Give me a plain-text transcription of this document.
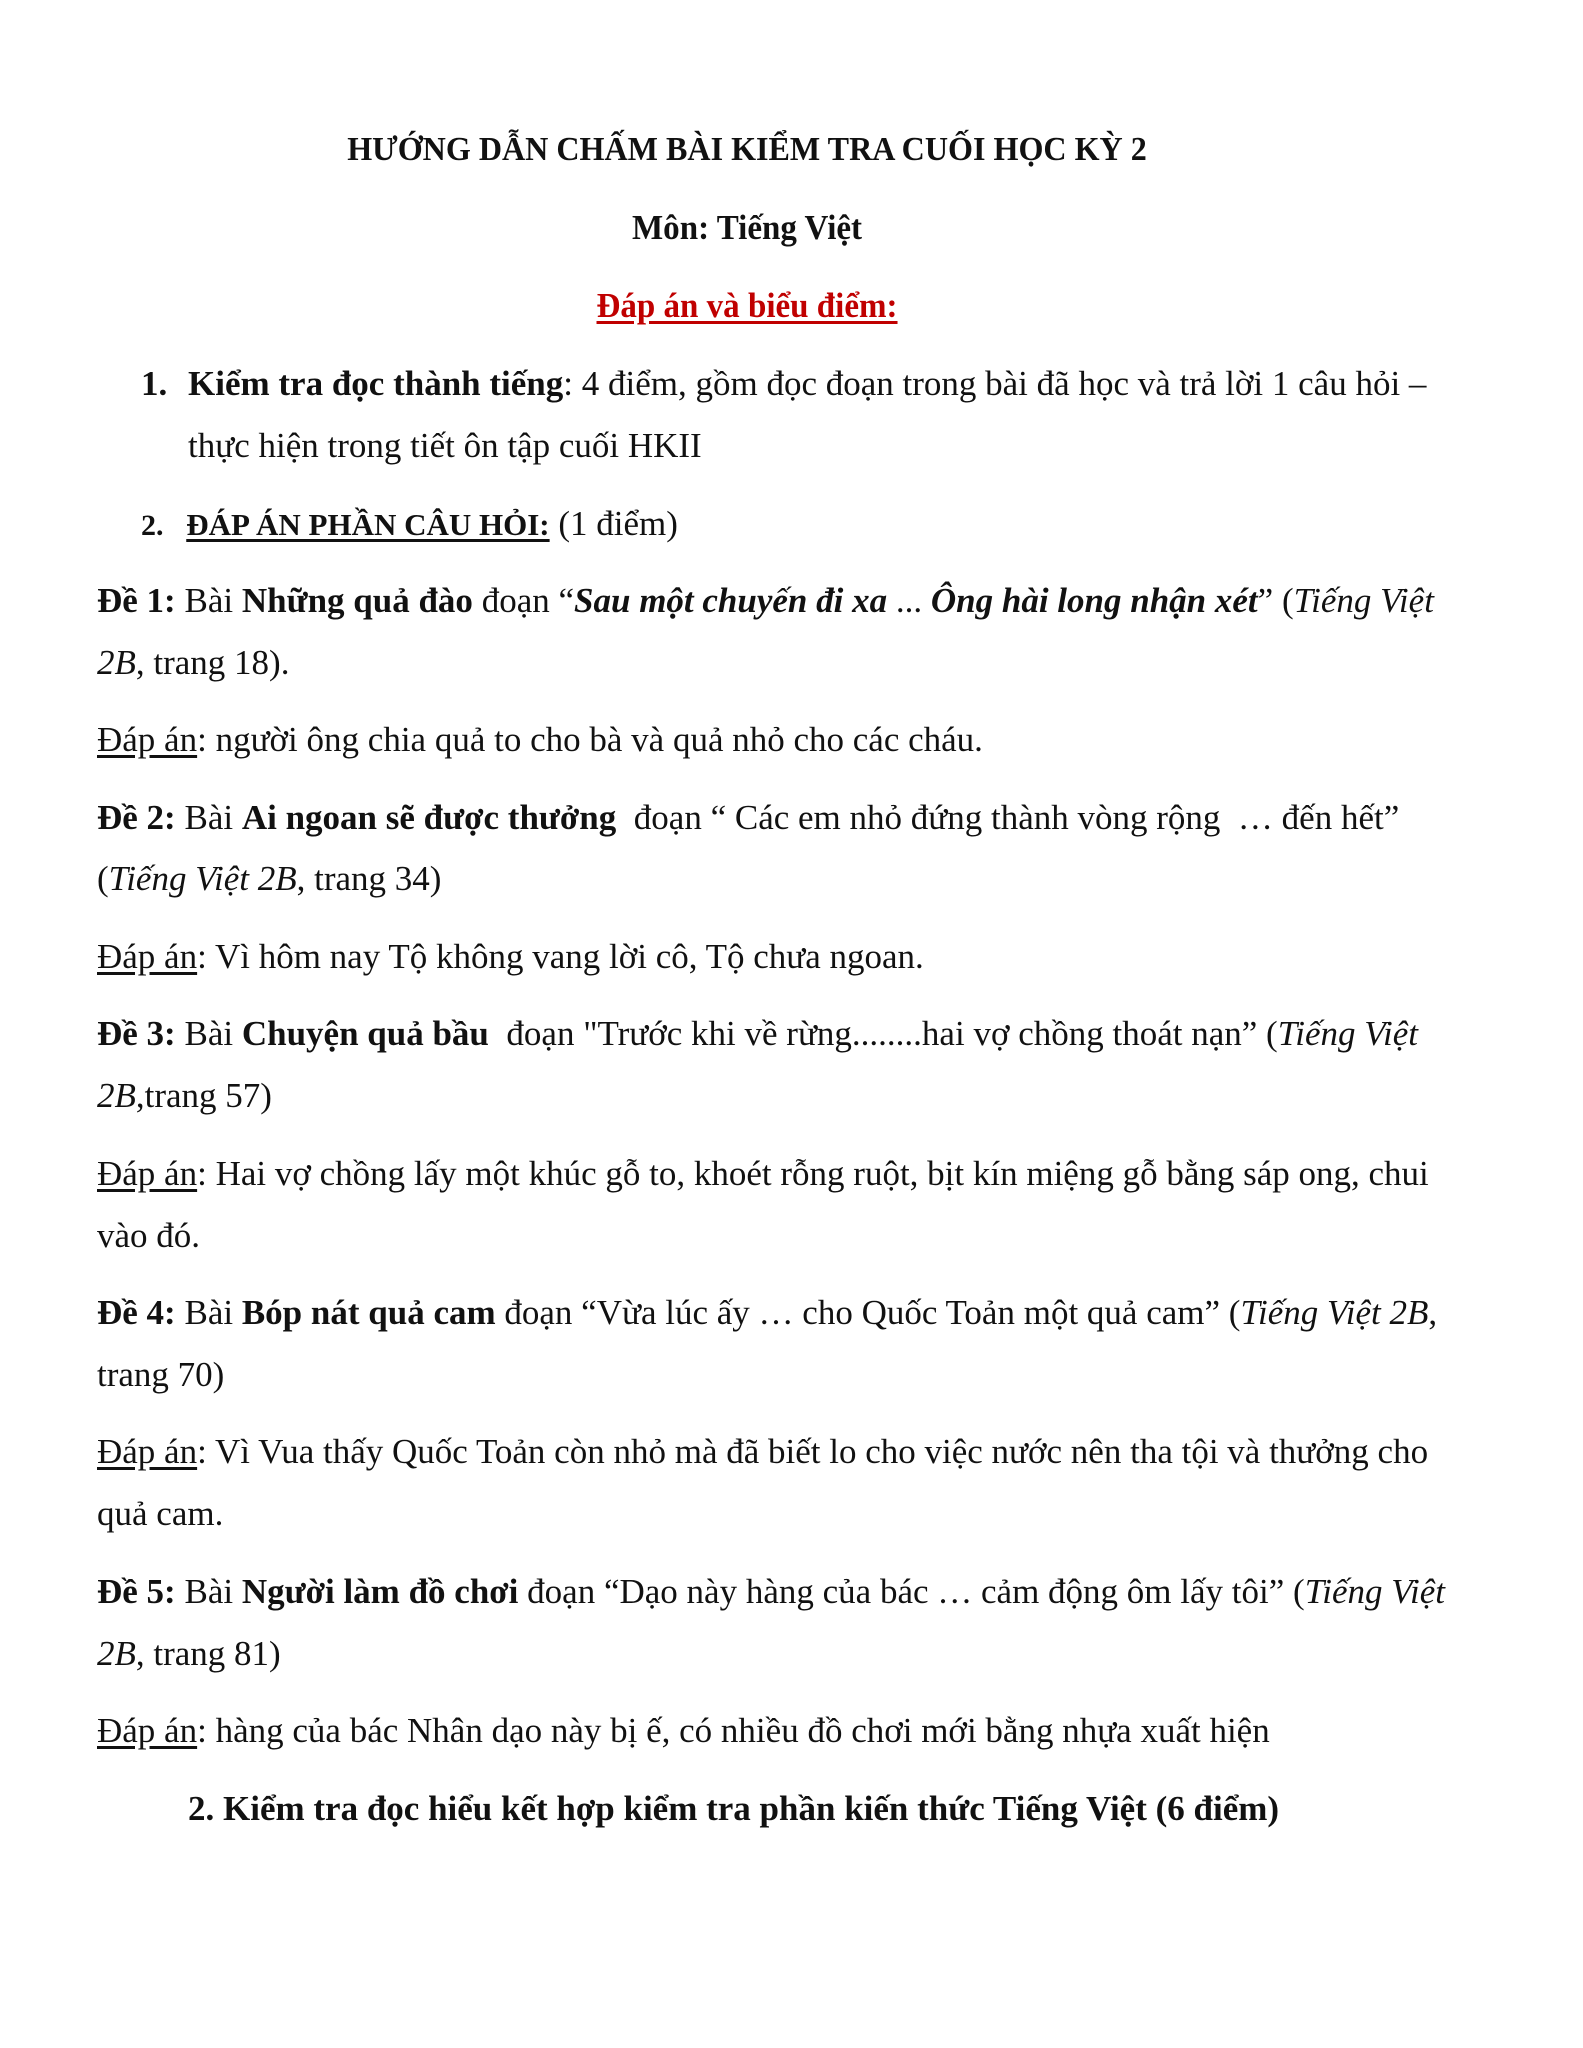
HƯỚNG DẪN CHẤM BÀI KIỂM TRA CUỐI HỌC KỲ 2
Môn: Tiếng Việt
Đáp án và biểu điểm:
1. Kiểm tra đọc thành tiếng: 4 điểm, gồm đọc đoạn trong bài đã học và trả lời 1 câu hỏi –
thực hiện trong tiết ôn tập cuối HKII
2. ĐÁP ÁN PHẦN CÂU HỎI: (1 điểm)
Đề 1: Bài Những quả đào đoạn “Sau một chuyến đi xa ... Ông hài long nhận xét” (Tiếng Việt
2B, trang 18).
Đáp án: người ông chia quả to cho bà và quả nhỏ cho các cháu.
Đề 2: Bài Ai ngoan sẽ được thưởng  đoạn “ Các em nhỏ đứng thành vòng rộng  … đến hết”
(Tiếng Việt 2B, trang 34)
Đáp án: Vì hôm nay Tộ không vang lời cô, Tộ chưa ngoan.
Đề 3: Bài Chuyện quả bầu  đoạn "Trước khi về rừng........hai vợ chồng thoát nạn” (Tiếng Việt
2B,trang 57)
Đáp án: Hai vợ chồng lấy một khúc gỗ to, khoét rỗng ruột, bịt kín miệng gỗ bằng sáp ong, chui
vào đó.
Đề 4: Bài Bóp nát quả cam đoạn “Vừa lúc ấy … cho Quốc Toản một quả cam” (Tiếng Việt 2B,
trang 70)
Đáp án: Vì Vua thấy Quốc Toản còn nhỏ mà đã biết lo cho việc nước nên tha tội và thưởng cho
quả cam.
Đề 5: Bài Người làm đồ chơi đoạn “Dạo này hàng của bác … cảm động ôm lấy tôi” (Tiếng Việt
2B, trang 81)
Đáp án: hàng của bác Nhân dạo này bị ế, có nhiều đồ chơi mới bằng nhựa xuất hiện
2. Kiểm tra đọc hiểu kết hợp kiểm tra phần kiến thức Tiếng Việt (6 điểm)
